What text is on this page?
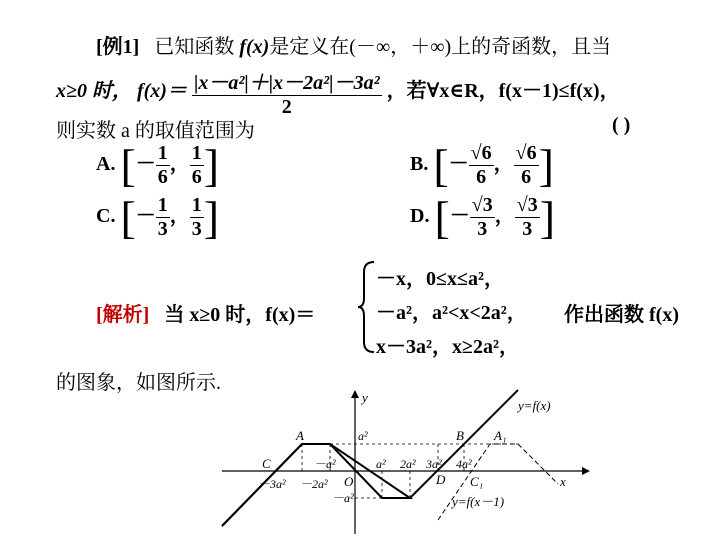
[例1] 已知函数 f(x)是定义在(－∞，＋∞)上的奇函数，且当
x≥0 时， $f(x)= \frac{\text{|x－a²|＋|x－2a²|－3a²}}{2}$ ，若∀x∈R，f(x－1)≤f(x)，
则实数 a 的取值范围为	( )
A. [－ $\frac{1}{6}$ ， $\frac{1}{6}$ ]	B. [－ $\frac{√6}{6}$ ， $\frac{√6}{6}$ ]
C. [－ $\frac{1}{3}$ ， $\frac{1}{3}$ ]	D. [－ $\frac{√3}{3}$ ， $\frac{√3}{3}$ ]
[解析] 当 x≥0 时，f(x)＝
－x，0≤x≤a²，
－a²，a²<x<2a²，
x－3a²，x≥2a²，
作出函数 f(x)
的图象，如图所示.
y=f(x)
y=f(x－1)
y
x
O
A	B
C
D
A₁
C₁
a²
－a²
－a²
a² 2a² 3a² 4a²
－3a² －2a²
